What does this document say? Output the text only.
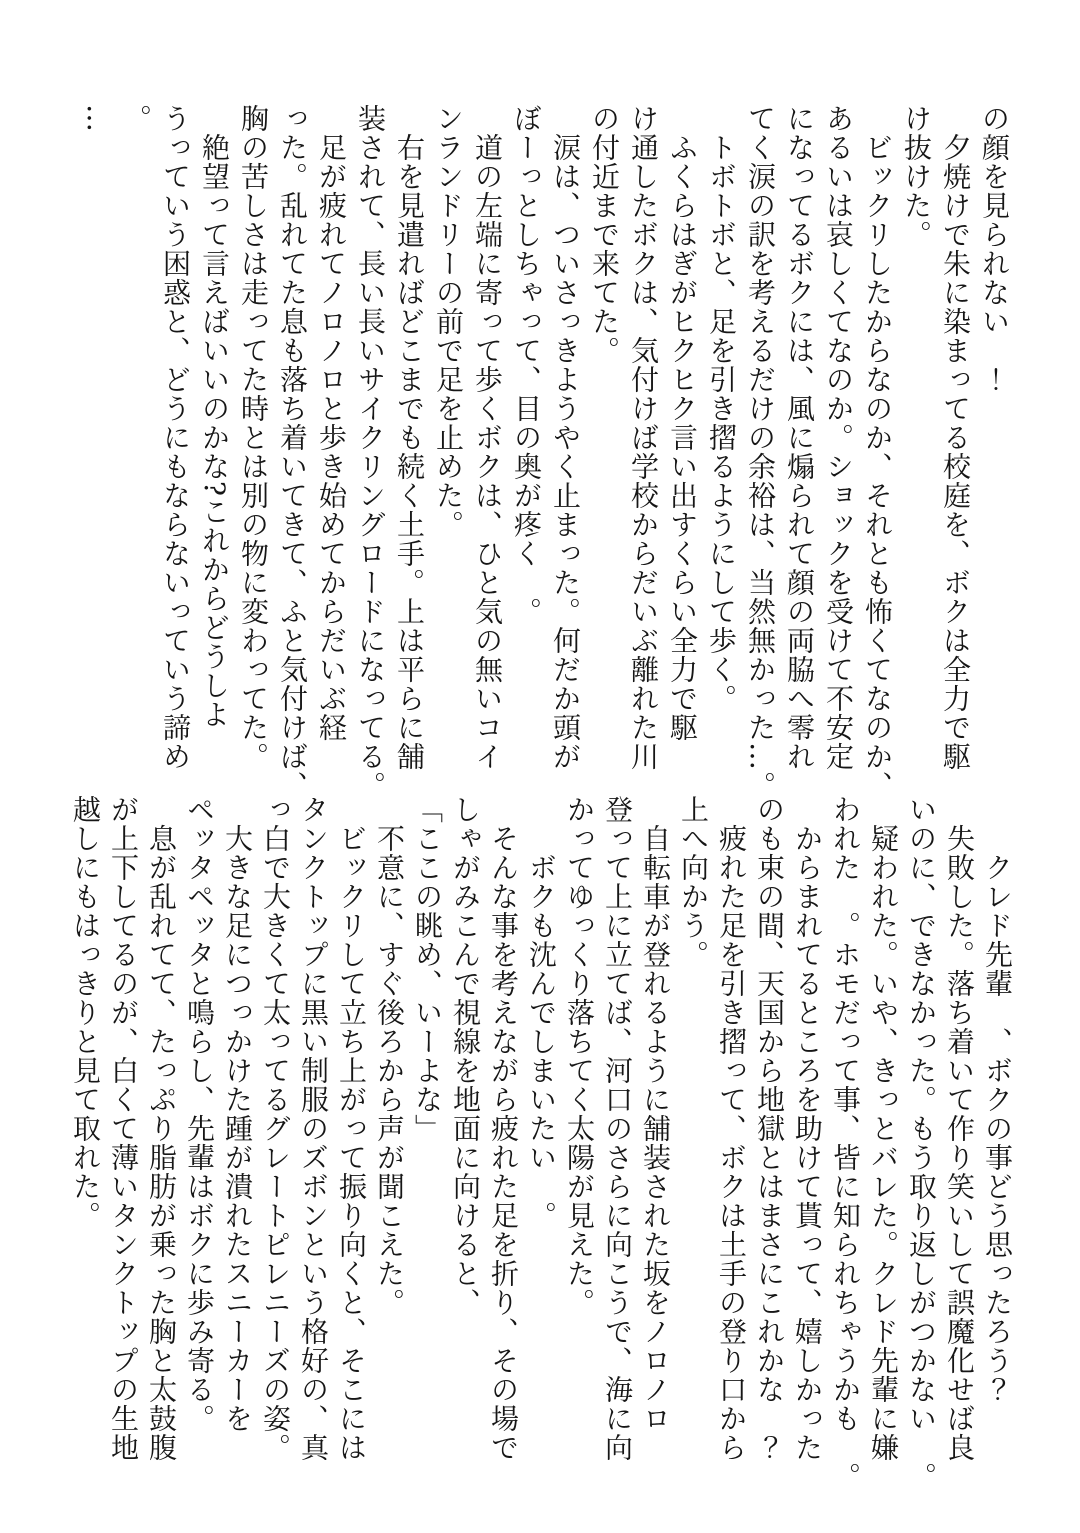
の顔を見られない　！
　夕焼けで朱に染まってる校庭を、ボクは全力で駆
け抜けた。
　ビックリしたからなのか、それとも怖くてなのか、
あるいは哀しくてなのか。ショックを受けて不安定
になってるボクには、風に煽られて顔の両脇へ零れ
てく涙の訳を考えるだけの余裕は、当然無かった…。
　トボトボと、足を引き摺るようにして歩く。
　ふくらはぎがヒクヒク言い出すくらい全力で駆
け通したボクは、気付けば学校からだいぶ離れた川
の付近まで来てた。
　涙は、ついさっきようやく止まった。何だか頭が
ぼーっとしちゃって、目の奥が疼く　。
　道の左端に寄って歩くボクは、ひと気の無いコイ
ンランドリーの前で足を止めた。
　右を見遣ればどこまでも続く土手。上は平らに舗
装されて、長い長いサイクリングロードになってる。
　足が疲れてノロノロと歩き始めてからだいぶ経
った。乱れてた息も落ち着いてきて、ふと気付けば、
胸の苦しさは走ってた時とは別の物に変わってた。
　絶望って言えばいいのかな?これからどうしよ
うっていう困惑と、どうにもならないっていう諦め
。
…
　　クレド先輩　、ボクの事どう思ったろう？
　失敗した。落ち着いて作り笑いして誤魔化せば良
いのに、できなかった。もう取り返しがつかない　。
　疑われた。いや、きっとバレた。クレド先輩に嫌
われた　。ホモだって事、皆に知られちゃうかも　。
　からまれてるところを助けて貰って、嬉しかった
のも束の間、天国から地獄とはまさにこれかな　？
　疲れた足を引き摺って、ボクは土手の登り口から
上へ向かう。
　自転車が登れるように舗装された坂をノロノロ
登って上に立てば、河口のさらに向こうで、海に向
かってゆっくり落ちてく太陽が見えた。
　　ボクも沈んでしまいたい　。
　そんな事を考えながら疲れた足を折り、その場で
しゃがみこんで視線を地面に向けると、
「ここの眺め、いーよな」
　不意に、すぐ後ろから声が聞こえた。
　ビックリして立ち上がって振り向くと、そこには
タンクトップに黒い制服のズボンという格好の、真
っ白で大きくて太ってるグレートピレニーズの姿。
　大きな足につっかけた踵が潰れたスニーカーを
ペッタペッタと鳴らし、先輩はボクに歩み寄る。
　息が乱れてて、たっぷり脂肪が乗った胸と太鼓腹
が上下してるのが、白くて薄いタンクトップの生地
越しにもはっきりと見て取れた。
